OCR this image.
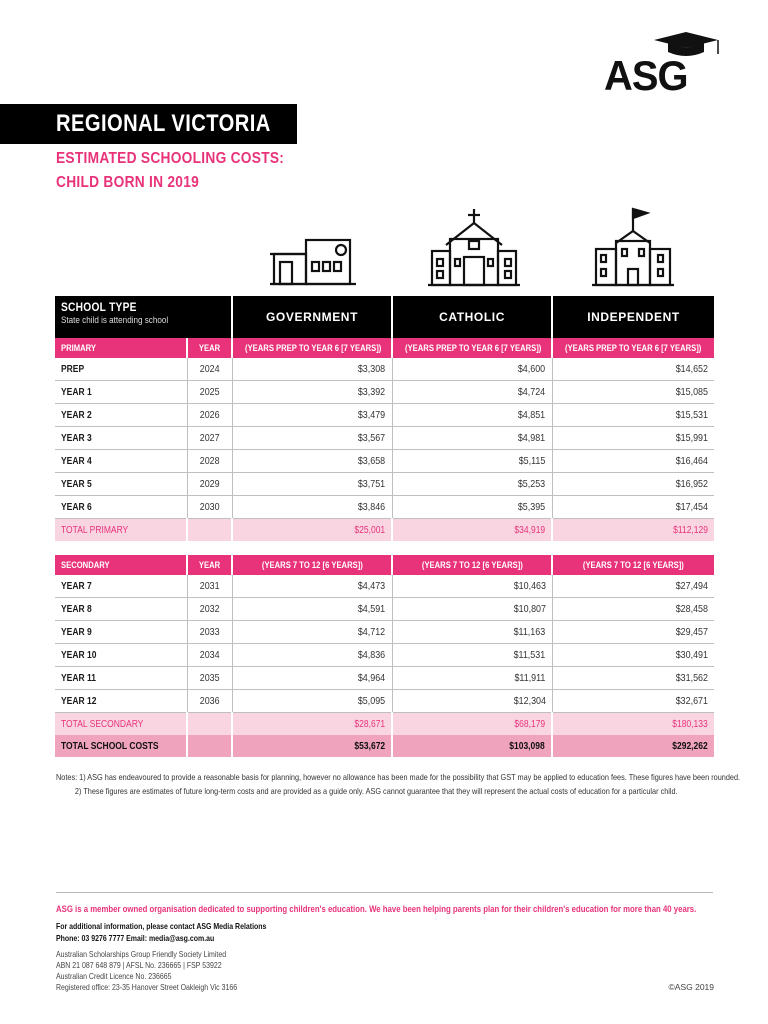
ASG
REGIONAL VICTORIA
ESTIMATED SCHOOLING COSTS:
CHILD BORN IN 2019
SCHOOL TYPE
State child is attending school		GOVERNMENT	CATHOLIC	INDEPENDENT
PRIMARY	YEAR	(YEARS PREP TO YEAR 6 [7 YEARS])	(YEARS PREP TO YEAR 6 [7 YEARS])	(YEARS PREP TO YEAR 6 [7 YEARS])
PREP	2024	$3,308	$4,600	$14,652
YEAR 1	2025	$3,392	$4,724	$15,085
YEAR 2	2026	$3,479	$4,851	$15,531
YEAR 3	2027	$3,567	$4,981	$15,991
YEAR 4	2028	$3,658	$5,115	$16,464
YEAR 5	2029	$3,751	$5,253	$16,952
YEAR 6	2030	$3,846	$5,395	$17,454
TOTAL PRIMARY		$25,001	$34,919	$112,129
SECONDARY	YEAR	(YEARS 7 TO 12 [6 YEARS])	(YEARS 7 TO 12 [6 YEARS])	(YEARS 7 TO 12 [6 YEARS])
YEAR 7	2031	$4,473	$10,463	$27,494
YEAR 8	2032	$4,591	$10,807	$28,458
YEAR 9	2033	$4,712	$11,163	$29,457
YEAR 10	2034	$4,836	$11,531	$30,491
YEAR 11	2035	$4,964	$11,911	$31,562
YEAR 12	2036	$5,095	$12,304	$32,671
TOTAL SECONDARY		$28,671	$68,179	$180,133
TOTAL SCHOOL COSTS		$53,672	$103,098	$292,262
Notes: 1) ASG has endeavoured to provide a reasonable basis for planning, however no allowance has been made for the possibility that GST may be applied to education fees. These figures have been rounded.
2) These figures are estimates of future long-term costs and are provided as a guide only. ASG cannot guarantee that they will represent the actual costs of education for a particular child.
ASG is a member owned organisation dedicated to supporting children's education. We have been helping parents plan for their children's education for more than 40 years.
For additional information, please contact ASG Media Relations
Phone: 03 9276 7777 Email: media@asg.com.au
Australian Scholarships Group Friendly Society Limited
ABN 21 087 648 879 | AFSL No. 236665 | FSP 53922
Australian Credit Licence No. 236665
Registered office: 23-35 Hanover Street Oakleigh Vic 3166	©ASG 2019
